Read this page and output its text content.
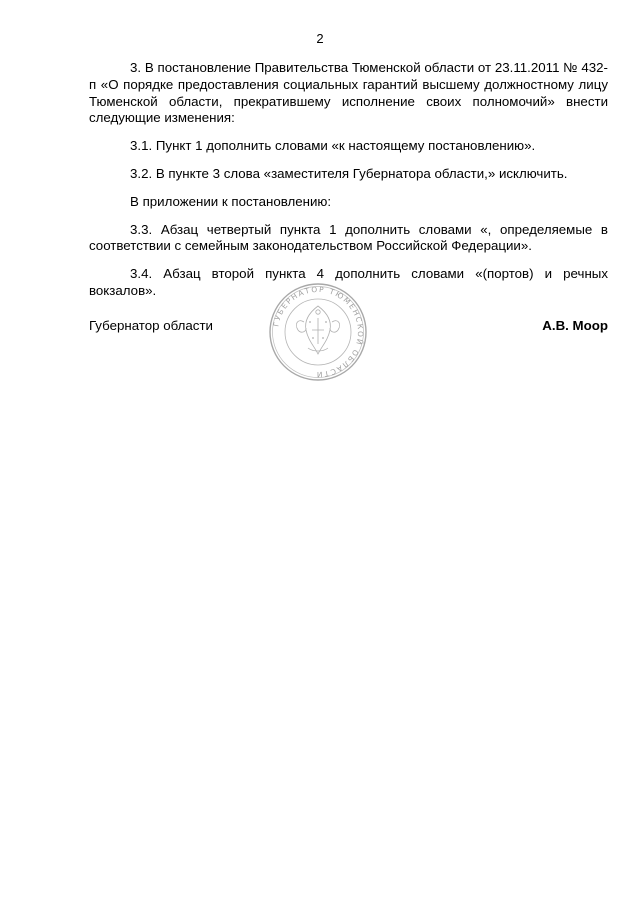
2

3. В постановление Правительства Тюменской области от 23.11.2011 № 432-п «О порядке предоставления социальных гарантий высшему должностному лицу Тюменской области, прекратившему исполнение своих полномочий» внести следующие изменения:

3.1. Пункт 1 дополнить словами «к настоящему постановлению».

3.2. В пункте 3 слова «заместителя Губернатора области,» исключить.

В приложении к постановлению:

3.3. Абзац четвертый пункта 1 дополнить словами «, определяемые в соответствии с семейным законодательством Российской Федерации».

3.4. Абзац второй пункта 4 дополнить словами «(портов) и речных вокзалов».

Губернатор области	А.В. Моор
ГУБЕРНАТОР ТЮМЕНСКОЙ ОБЛАСТИ
